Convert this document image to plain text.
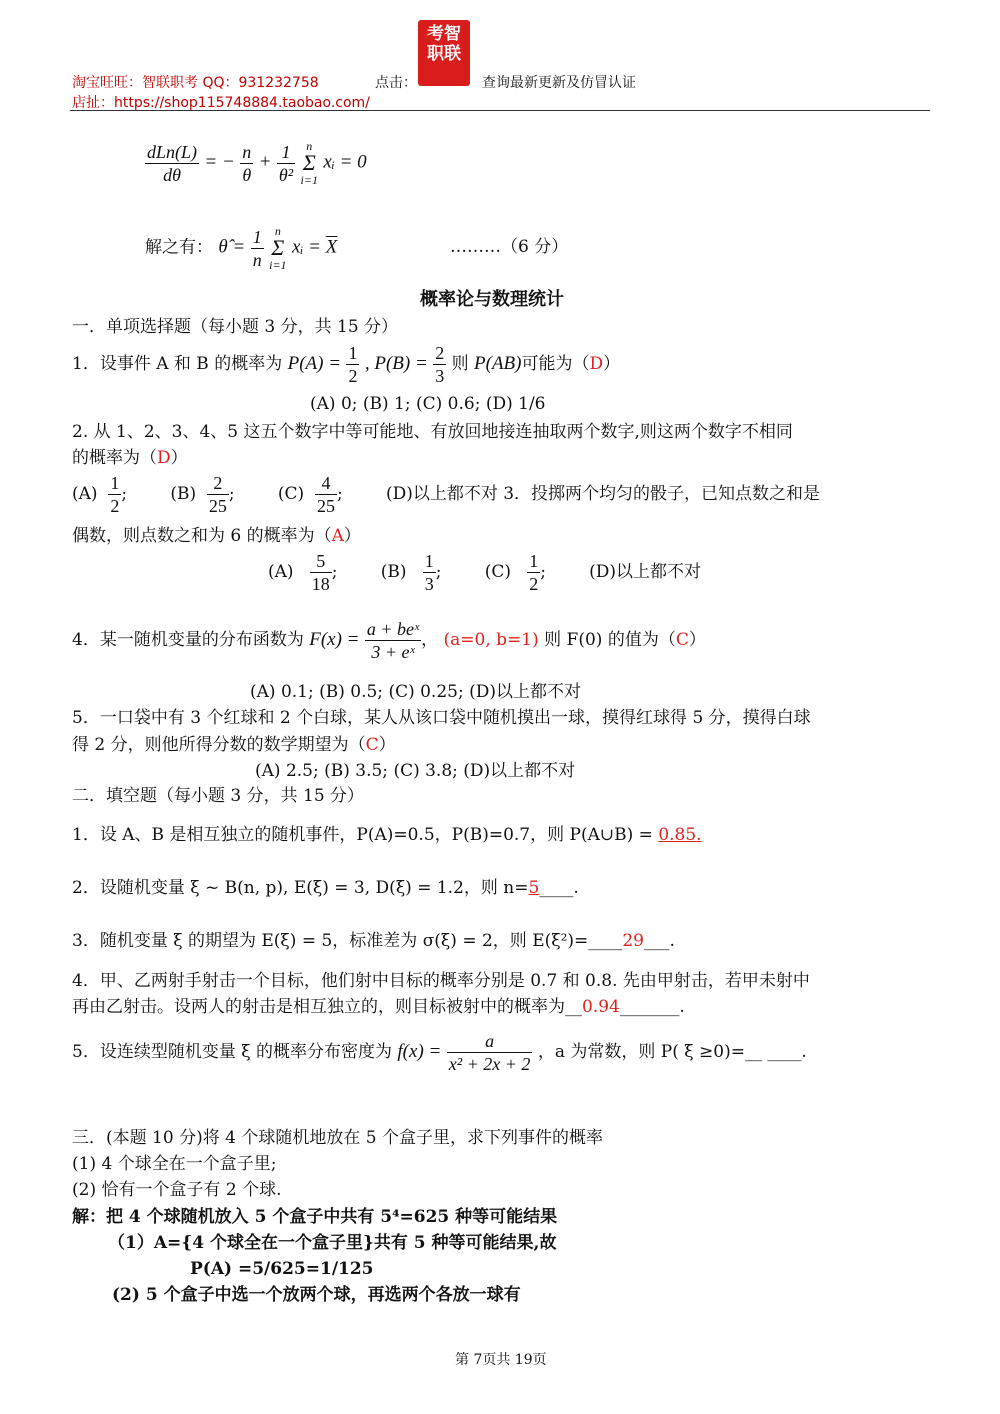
淘宝旺旺：智联职考 QQ：931232758	点击：
考智 职联
查询最新更新及仿冒认证
店扯：https://shop115748884.taobao.com/
$\frac{\text{dLn(L)}}{d\theta}$ = − $\frac{n}{\theta} + \frac{1}{\text{θ²}}$ n
Σ
i=1 xᵢ = 0
解之有： θ̂ = $\frac{1}{n}$ n
Σ
i=1 xᵢ = $\overline{X}$	………（6 分）
概率论与数理统计
一．单项选择题（每小题 3 分，共 15 分）
1．设事件 A 和 B 的概率为 $P(A) = \frac{1}{2}$ , $P(B) = \frac{2}{3}$ 则 P(AB)可能为（D）
(A) 0; (B) 1; (C) 0.6; (D) 1/6
2. 从 1、2、3、4、5 这五个数字中等可能地、有放回地接连抽取两个数字,则这两个数字不相同
的概率为（D）
$(A) \frac{1}{2}$ ;        $(B) \frac{2}{25}$ ;        $(C) \frac{4}{25}$ ;        (D)以上都不对 3．投掷两个均匀的骰子，已知点数之和是
偶数，则点数之和为 6 的概率为（A）
$(A) \frac{5}{18}$ ;        $(B) \frac{1}{3}$ ;        $(C) \frac{1}{2}$ ;        (D)以上都不对
4．某一随机变量的分布函数为 $F(x) = \frac{\text{a + beˣ}}{\text{3 + eˣ}}$ ， (a=0, b=1) 则 F(0) 的值为（C）
(A) 0.1; (B) 0.5; (C) 0.25; (D)以上都不对
5．一口袋中有 3 个红球和 2 个白球，某人从该口袋中随机摸出一球，摸得红球得 5 分，摸得白球
得 2 分，则他所得分数的数学期望为（C）
(A) 2.5; (B) 3.5; (C) 3.8; (D)以上都不对
二．填空题（每小题 3 分，共 15 分）
1．设 A、B 是相互独立的随机事件，P(A)=0.5，P(B)=0.7，则 P(A∪B) = 0.85.
2．设随机变量 ξ ~ B(n, p), E(ξ) = 3, D(ξ) = 1.2，则 n=5____.
3．随机变量 ξ 的期望为 E(ξ) = 5，标准差为 σ(ξ) = 2，则 E(ξ²)=____29___.
4．甲、乙两射手射击一个目标，他们射中目标的概率分别是 0.7 和 0.8. 先由甲射击，若甲未射中
再由乙射击。设两人的射击是相互独立的，则目标被射中的概率为__0.94_______.
5．设连续型随机变量 ξ 的概率分布密度为 $f(x) = \frac{a}{\text{x² + 2x + 2}}$ ，a 为常数，则 P( ξ ≥0)=__ ____.
三．(本题 10 分)将 4 个球随机地放在 5 个盒子里，求下列事件的概率
(1) 4 个球全在一个盒子里;
(2) 恰有一个盒子有 2 个球.
解：把 4 个球随机放入 5 个盒子中共有 5⁴=625 种等可能结果
（1）A={4 个球全在一个盒子里}共有 5 种等可能结果,故
P(A) =5/625=1/125
(2) 5 个盒子中选一个放两个球，再选两个各放一球有
第 7页共 19页
